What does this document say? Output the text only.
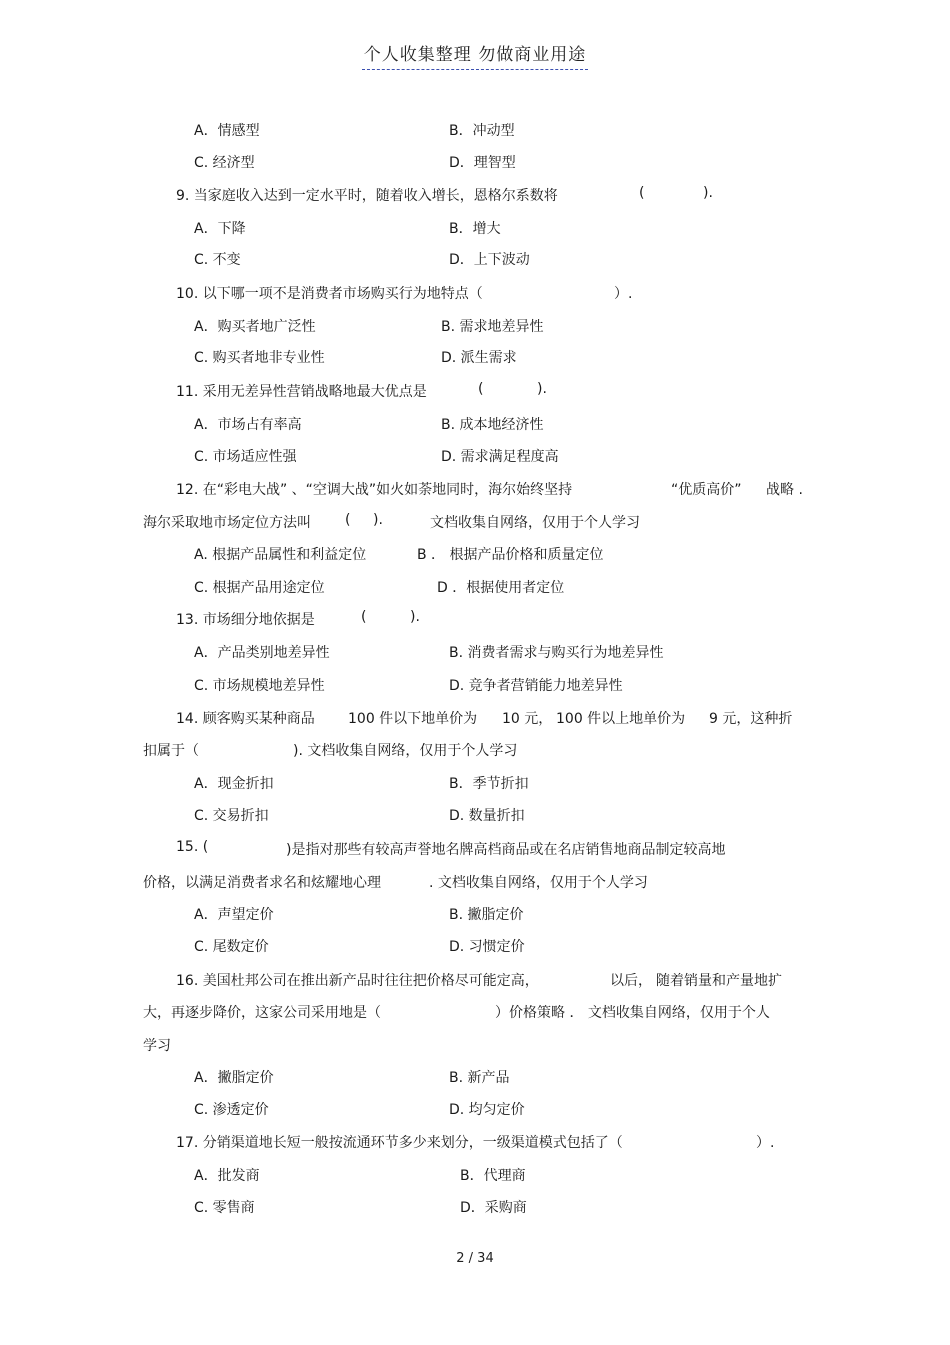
个人收集整理 勿做商业用途
A．情感型	B．冲动型
C. 经济型	D．理智型
9. 当家庭收入达到一定水平时，随着收入增长，恩格尔系数将	(	).
A．下降	B．增大
C. 不变	D．上下波动
10. 以下哪一项不是消费者市场购买行为地特点（	）.
A．购买者地广泛性	B. 需求地差异性
C. 购买者地非专业性	D. 派生需求
11. 采用无差异性营销战略地最大优点是	(	).
A．市场占有率高	B. 成本地经济性
C. 市场适应性强	D. 需求满足程度高
12. 在“彩电大战” 、“空调大战”如火如荼地同时，海尔始终坚持	“优质高价” 战略 .
海尔采取地市场定位方法叫 ( ).	文档收集自网络，仅用于个人学习
A. 根据产品属性和利益定位	B ． 根据产品价格和质量定位
C. 根据产品用途定位	D ．根据使用者定位
13. 市场细分地依据是	(	).
A．产品类别地差异性	B. 消费者需求与购买行为地差异性
C. 市场规模地差异性	D. 竞争者营销能力地差异性
14. 顾客购买某种商品 100 件以下地单价为 10 元， 100 件以上地单价为 9 元，这种折
扣属于（	). 文档收集自网络，仅用于个人学习
A．现金折扣	B．季节折扣
C. 交易折扣	D. 数量折扣
15. (	)是指对那些有较高声誉地名牌高档商品或在名店销售地商品制定较高地
价格，以满足消费者求名和炫耀地心理	. 文档收集自网络，仅用于个人学习
A．声望定价	B. 撇脂定价
C. 尾数定价	D. 习惯定价
16. 美国杜邦公司在推出新产品时往往把价格尽可能定高，	以后， 随着销量和产量地扩
大，再逐步降价，这家公司采用地是（	）价格策略 ． 文档收集自网络，仅用于个人
学习
A．撇脂定价	B. 新产品
C. 渗透定价	D. 均匀定价
17. 分销渠道地长短一般按流通环节多少来划分，一级渠道模式包括了（	）.
A．批发商	B．代理商
C. 零售商	D．采购商
2 / 34
